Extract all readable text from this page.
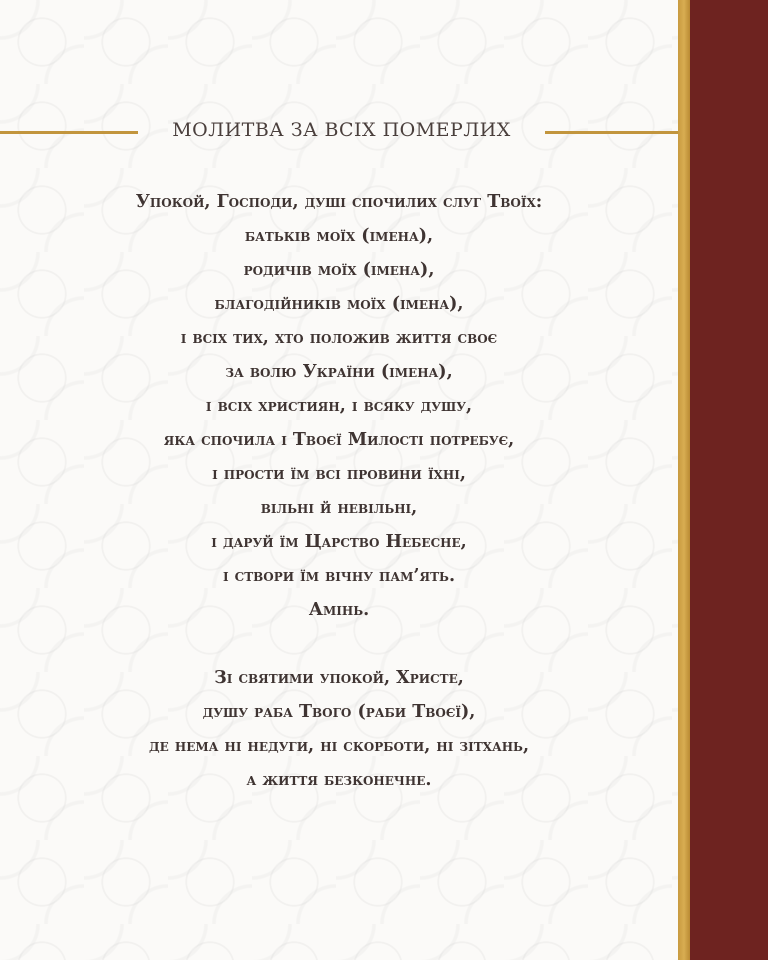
МОЛИТВА ЗА ВСІХ ПОМЕРЛИХ
Упокой, Господи, душі спочилих слуг Твоїх:
батьків моїх (імена),
родичів моїх (імена),
благодійників моїх (імена),
і всіх тих, хто положив життя своє
за волю України (імена),
і всіх християн, і всяку душу,
яка спочила і Твоєї Милості потребує,
і прости їм всі провини їхні,
вільні й невільні,
і даруй їм Царство Небесне,
і створи їм вічну пам’ять.
Амінь.
Зі святими упокой, Христе,
душу раба Твого (раби Твоєї),
де нема ні недуги, ні скорботи, ні зітхань,
а життя безконечне.
